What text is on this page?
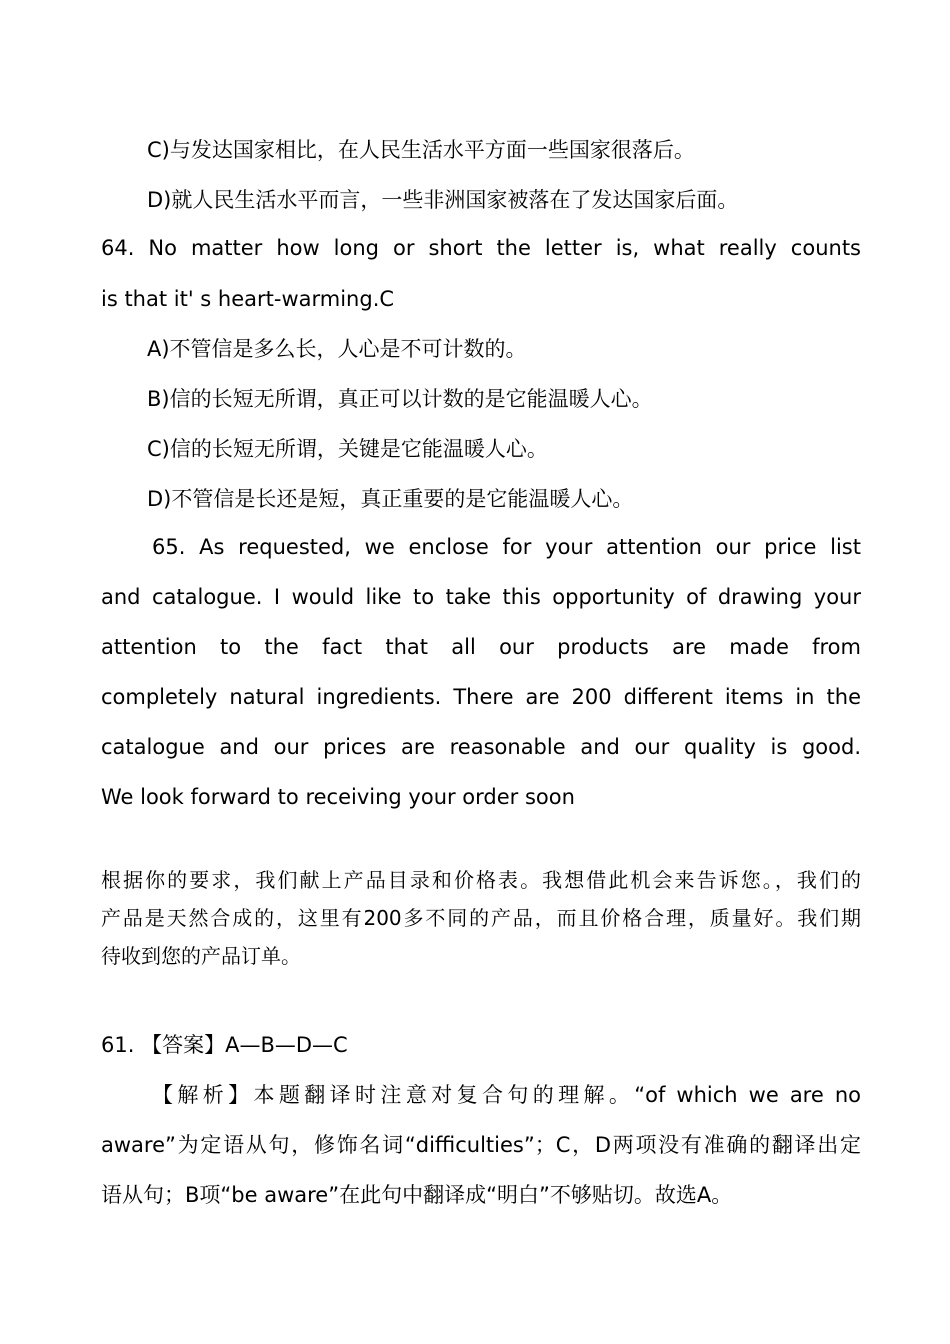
C)与发达国家相比，在人民生活水平方面一些国家很落后。
D)就人民生活水平而言，一些非洲国家被落在了发达国家后面。
64. No matter how long or short the letter is, what really counts
is that it' s heart-warming.C
A)不管信是多么长，人心是不可计数的。
B)信的长短无所谓，真正可以计数的是它能温暖人心。
C)信的长短无所谓，关键是它能温暖人心。
D)不管信是长还是短，真正重要的是它能温暖人心。
65. As requested, we enclose for your attention our price list
and catalogue. I would like to take this opportunity of drawing your
attention to the fact that all our products are made from
completely natural ingredients. There are 200 different items in the
catalogue and our prices are reasonable and our quality is good.
We look forward to receiving your order soon
根据你的要求，我们献上产品目录和价格表。我想借此机会来告诉您。，我们的
产品是天然合成的，这里有200多不同的产品，而且价格合理，质量好。我们期
待收到您的产品订单。
61. 【答案】A—B—D—C
【解析】本题翻译时注意对复合句的理解。“of which we are no
aware”为定语从句，修饰名词“difficulties”；C，D两项没有准确的翻译出定
语从句；B项“be aware”在此句中翻译成“明白”不够贴切。故选A。
